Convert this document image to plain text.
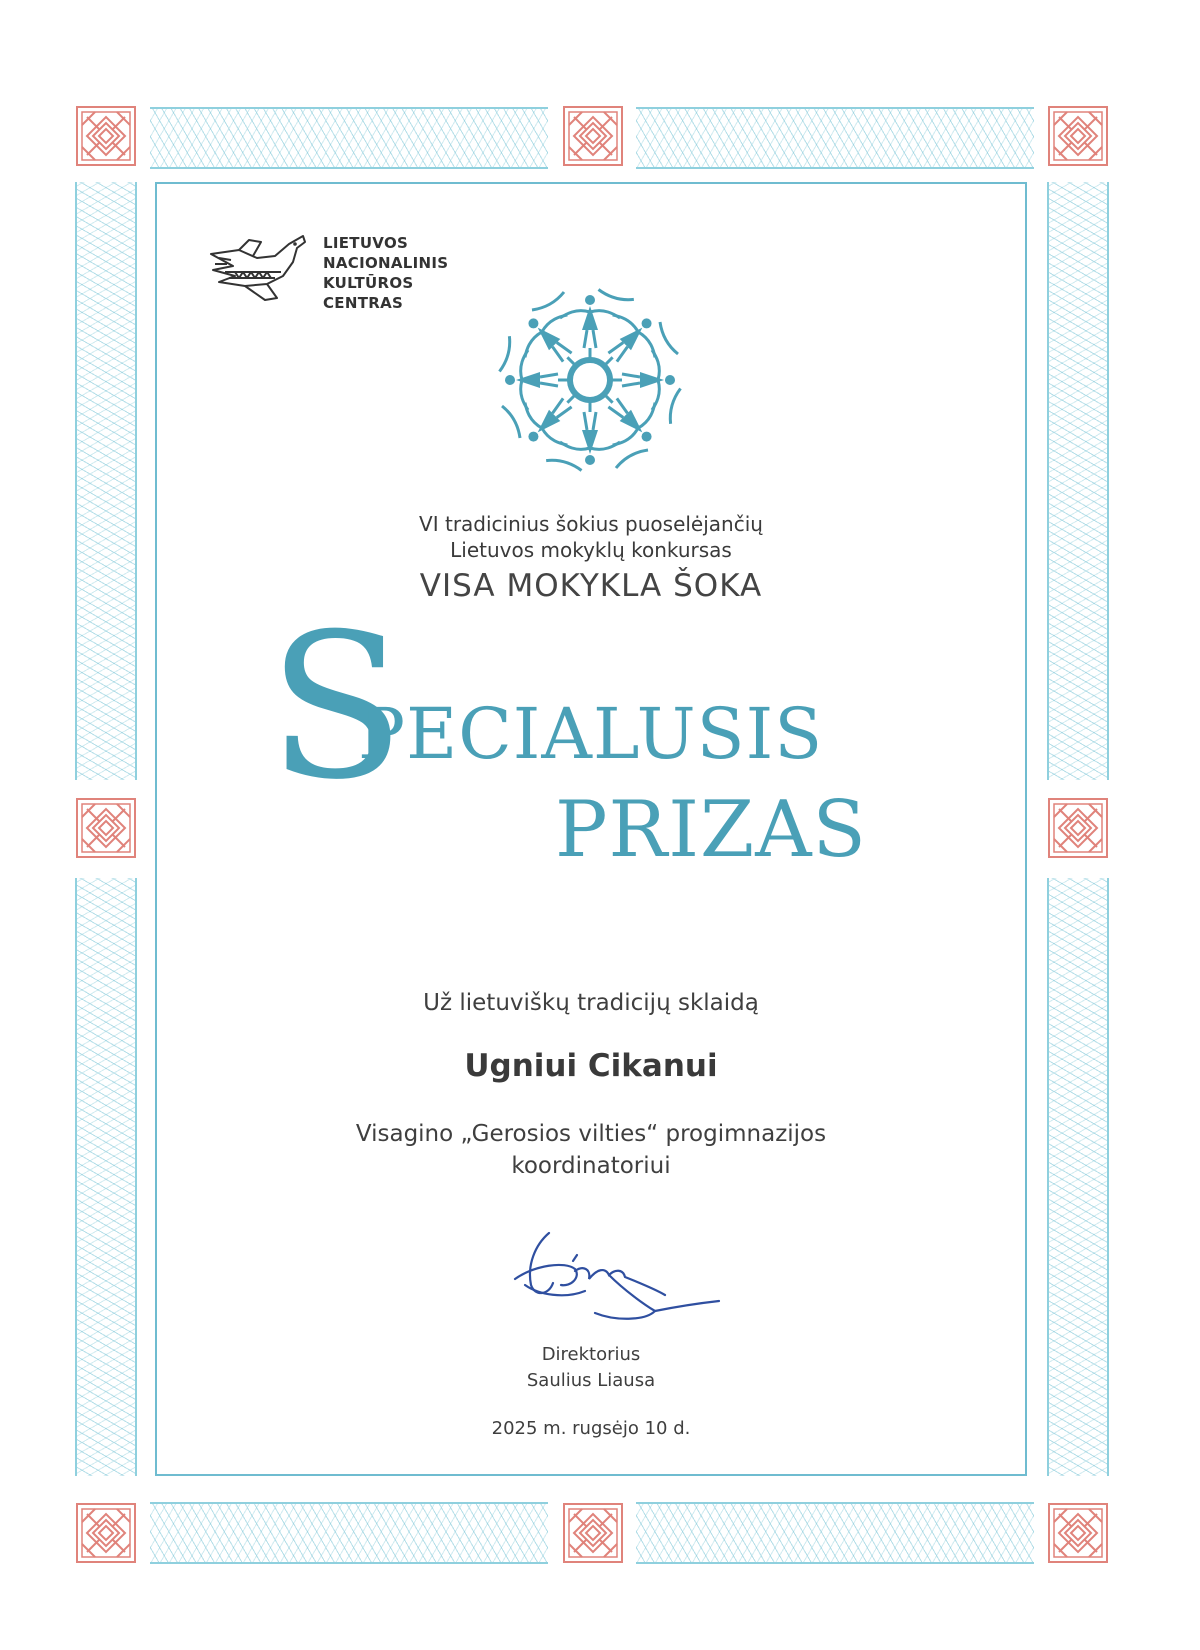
LIETUVOS
NACIONALINIS
KULTŪROS
CENTRAS
VI tradicinius šokius puoselėjančių
Lietuvos mokyklų konkursas
VISA MOKYKLA ŠOKA
S
PECIALUSIS
PRIZAS
Už lietuviškų tradicijų sklaidą
Ugniui Cikanui
Visagino „Gerosios vilties“ progimnazijos
koordinatoriui
Direktorius
Saulius Liausa
2025 m. rugsėjo 10 d.
